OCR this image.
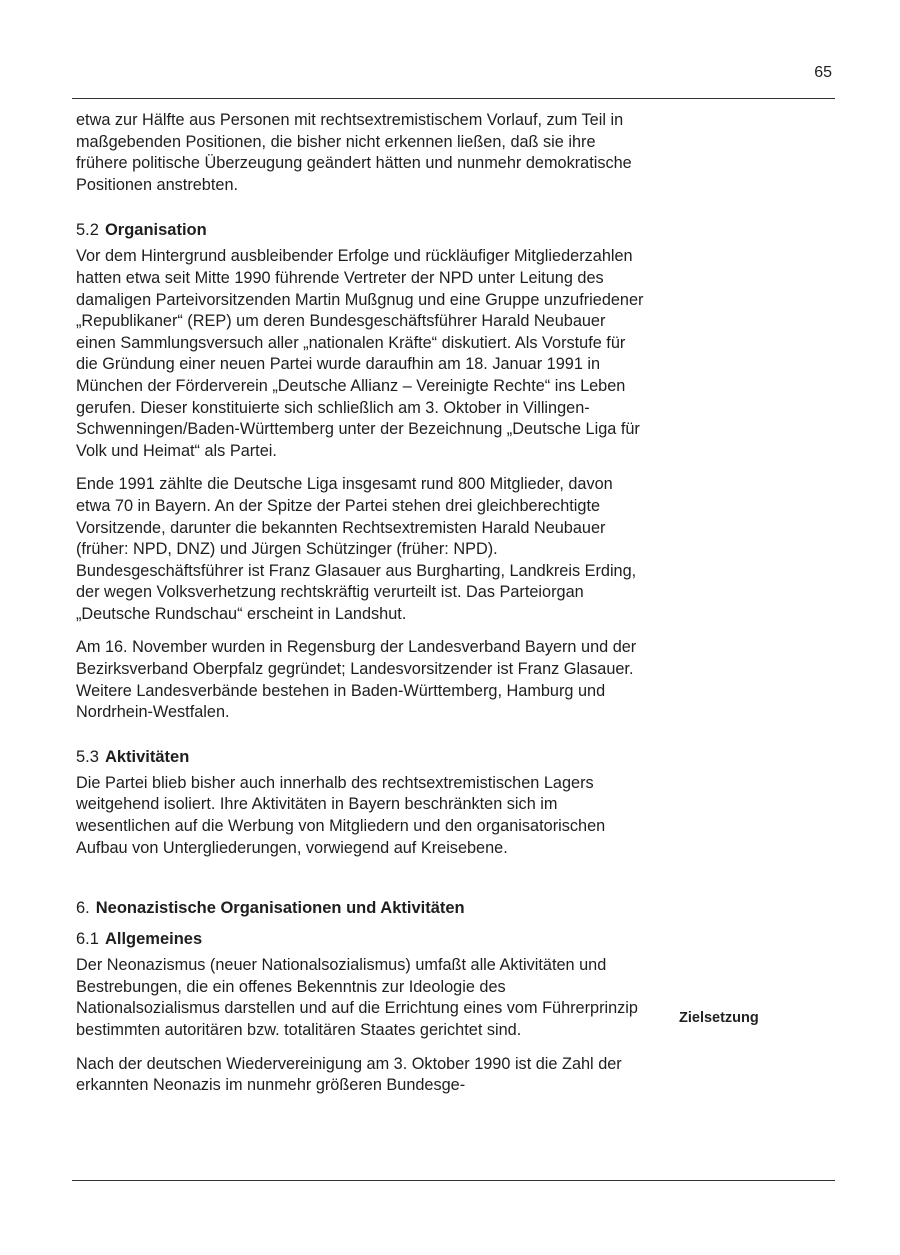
65

etwa zur Hälfte aus Personen mit rechtsextremistischem Vorlauf, zum Teil in maßgebenden Positionen, die bisher nicht erkennen ließen, daß sie ihre frühere politische Überzeugung geändert hätten und nunmehr demokratische Positionen anstrebten.

5.2 Organisation

Vor dem Hintergrund ausbleibender Erfolge und rückläufiger Mitgliederzahlen hatten etwa seit Mitte 1990 führende Vertreter der NPD unter Leitung des damaligen Parteivorsitzenden Martin Mußgnug und eine Gruppe unzufriedener „Republikaner“ (REP) um deren Bundesgeschäftsführer Harald Neubauer einen Sammlungsversuch aller „nationalen Kräfte“ diskutiert. Als Vorstufe für die Gründung einer neuen Partei wurde daraufhin am 18. Januar 1991 in München der Förderverein „Deutsche Allianz – Vereinigte Rechte“ ins Leben gerufen. Dieser konstituierte sich schließlich am 3. Oktober in Villingen-Schwenningen/Baden-Württemberg unter der Bezeichnung „Deutsche Liga für Volk und Heimat“ als Partei.

Ende 1991 zählte die Deutsche Liga insgesamt rund 800 Mitglieder, davon etwa 70 in Bayern. An der Spitze der Partei stehen drei gleichberechtigte Vorsitzende, darunter die bekannten Rechtsextremisten Harald Neubauer (früher: NPD, DNZ) und Jürgen Schützinger (früher: NPD). Bundesgeschäftsführer ist Franz Glasauer aus Burgharting, Landkreis Erding, der wegen Volksverhetzung rechtskräftig verurteilt ist. Das Parteiorgan „Deutsche Rundschau“ erscheint in Landshut.

Am 16. November wurden in Regensburg der Landesverband Bayern und der Bezirksverband Oberpfalz gegründet; Landesvorsitzender ist Franz Glasauer. Weitere Landesverbände bestehen in Baden-Württemberg, Hamburg und Nordrhein-Westfalen.

5.3 Aktivitäten

Die Partei blieb bisher auch innerhalb des rechtsextremistischen Lagers weitgehend isoliert. Ihre Aktivitäten in Bayern beschränkten sich im wesentlichen auf die Werbung von Mitgliedern und den organisatorischen Aufbau von Untergliederungen, vorwiegend auf Kreisebene.

6. Neonazistische Organisationen und Aktivitäten
6.1 Allgemeines

Der Neonazismus (neuer Nationalsozialismus) umfaßt alle Aktivitäten und Bestrebungen, die ein offenes Bekenntnis zur Ideologie des Nationalsozialismus darstellen und auf die Errichtung eines vom Führerprinzip bestimmten autoritären bzw. totalitären Staates gerichtet sind.

Nach der deutschen Wiedervereinigung am 3. Oktober 1990 ist die Zahl der erkannten Neonazis im nunmehr größeren Bundesge-

Zielsetzung
